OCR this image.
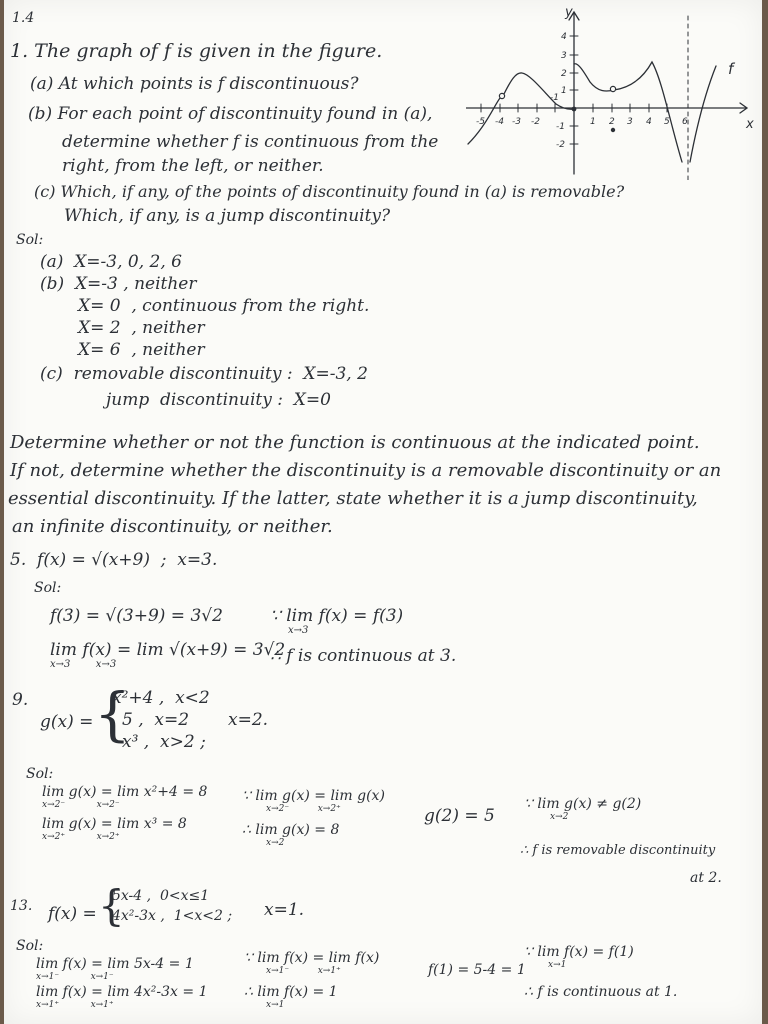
1.4
1. The graph of f is given in the figure.
(a) At which points is f discontinuous?
(b) For each point of discontinuity found in (a),
determine whether f is continuous from the
right, from the left, or neither.
(c) Which, if any, of the points of discontinuity found in (a) is removable?
Which, if any, is a jump discontinuity?
Sol:
(a)  X=-3, 0, 2, 6
(b)  X=-3 , neither
X= 0  , continuous from the right.
X= 2  , neither
X= 6  , neither
(c)  removable discontinuity :  X=-3, 2
jump  discontinuity :  X=0
y
x
f
-5 -4 -3 -2
-1
1 2 3 4 5 6
4
3
2
1
-1
-2
Determine whether or not the function is continuous at the indicated point.
If not, determine whether the discontinuity is a removable discontinuity or an
essential discontinuity. If the latter, state whether it is a jump discontinuity,
an infinite discontinuity, or neither.
5.  f(x) = √(x+9)  ;  x=3.
Sol:
f(3) = √(3+9) = 3√2	∵ lim f(x) = f(3)
x→3
lim f(x) = lim √(x+9) = 3√2
x→3        x→3	∴ f is continuous at 3.
9.
g(x) = {
x²+4 ,  x<2
5 ,  x=2
x³ ,  x>2 ;
x=2.
Sol:
lim g(x) = lim x²+4 = 8
x→2⁻           x→2⁻
lim g(x) = lim x³ = 8
x→2⁺           x→2⁺
∵ lim g(x) = lim g(x)
x→2⁻          x→2⁺
∴ lim g(x) = 8
x→2
g(2) = 5
∵ lim g(x) ≠ g(2)
x→2
∴ f is removable discontinuity
at 2.
13. f(x) = {
5x-4 ,  0<x≤1
4x²-3x ,  1<x<2 ; x=1.
Sol:
lim f(x) = lim 5x-4 = 1
x→1⁻           x→1⁻
lim f(x) = lim 4x²-3x = 1
x→1⁺           x→1⁺
∵ lim f(x) = lim f(x)
x→1⁻          x→1⁺
∴ lim f(x) = 1
x→1
f(1) = 5-4 = 1
∵ lim f(x) = f(1)
x→1
∴ f is continuous at 1.
